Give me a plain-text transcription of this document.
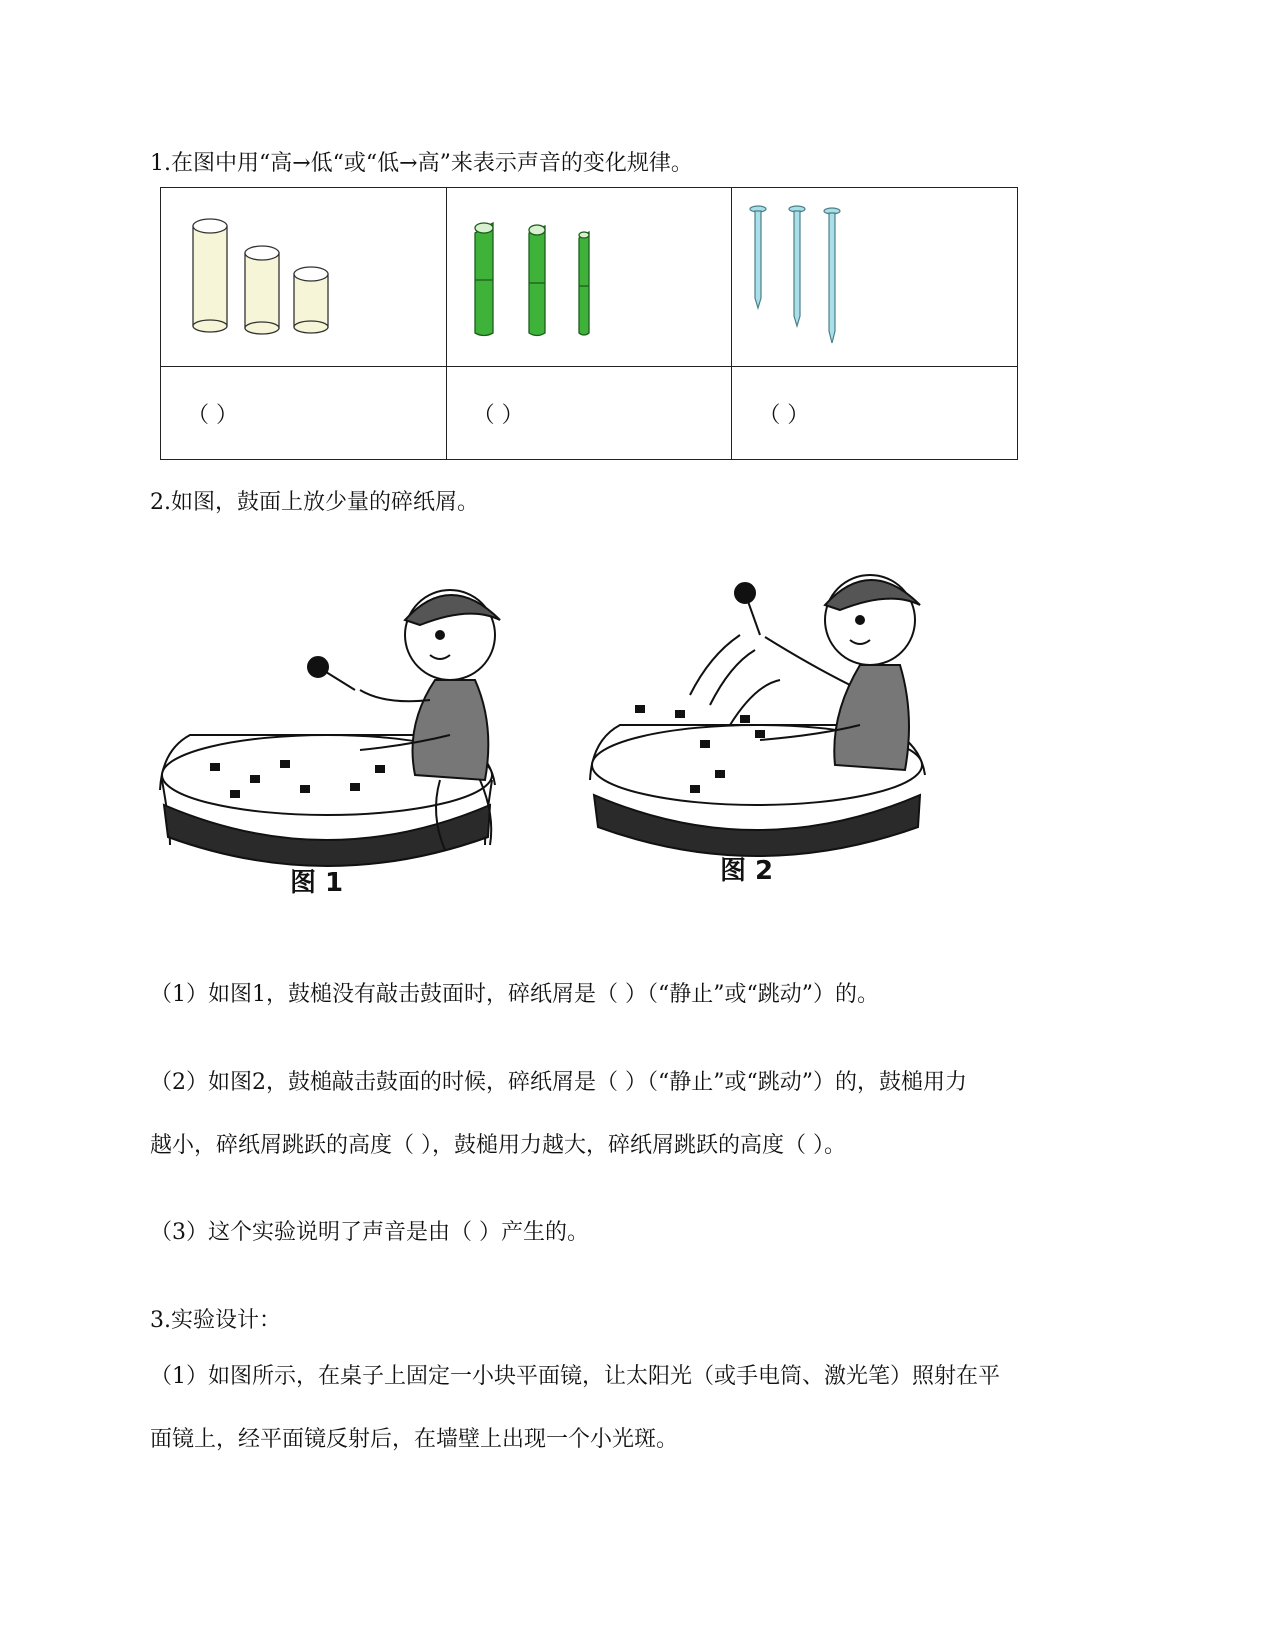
1.在图中用“高→低“或“低→高”来表示声音的变化规律。

（ ）	（ ）	（ ）
2.如图，鼓面上放少量的碎纸屑。
图 1	图 2
（1）如图1，鼓槌没有敲击鼓面时，碎纸屑是（ ）（“静止”或“跳动”）的。
（2）如图2，鼓槌敲击鼓面的时候，碎纸屑是（ ）（“静止”或“跳动”）的，鼓槌用力
越小，碎纸屑跳跃的高度（ ），鼓槌用力越大，碎纸屑跳跃的高度（ ）。
（3）这个实验说明了声音是由（ ）产生的。
3.实验设计：
（1）如图所示，在桌子上固定一小块平面镜，让太阳光（或手电筒、激光笔）照射在平
面镜上，经平面镜反射后，在墙壁上出现一个小光斑。
